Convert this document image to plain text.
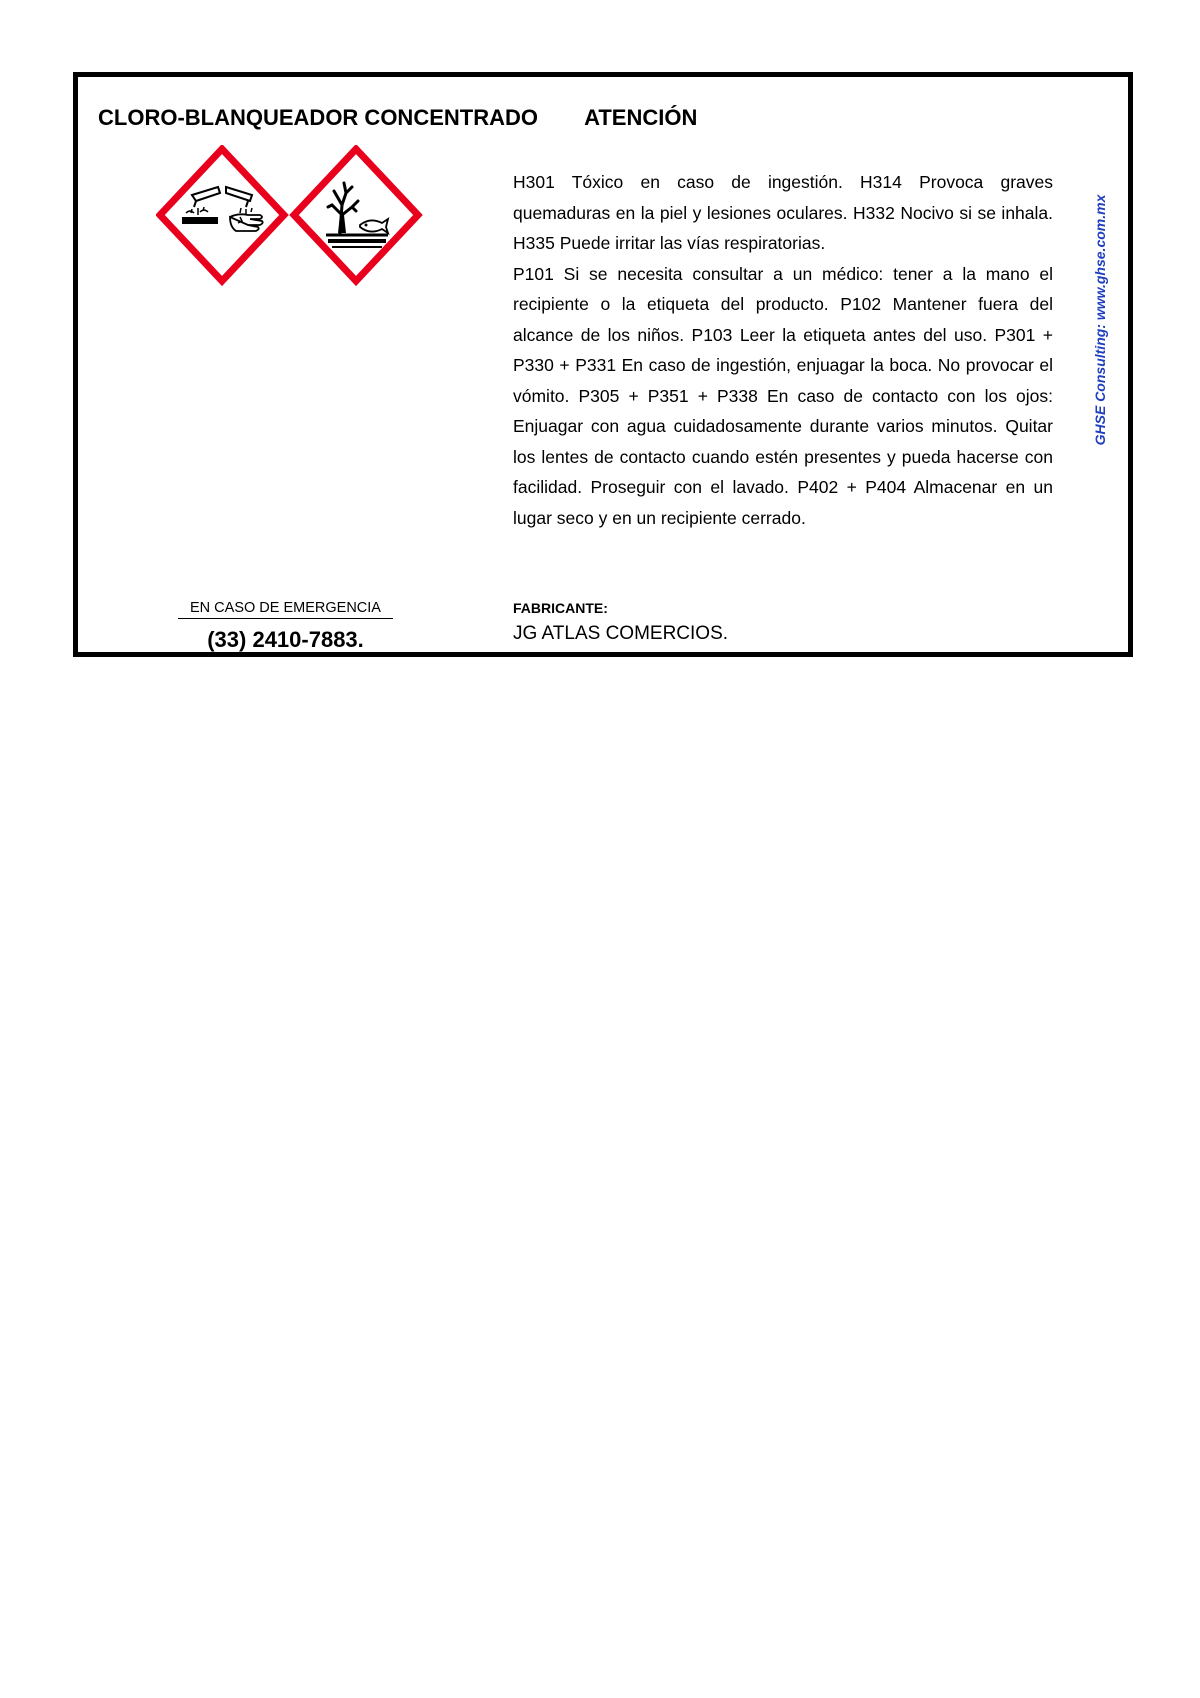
CLORO-BLANQUEADOR CONCENTRADO ATENCIÓN

H301 Tóxico en caso de ingestión. H314 Provoca graves quemaduras en la piel y lesiones oculares. H332 Nocivo si se inhala. H335 Puede irritar las vías respiratorias.

P101 Si se necesita consultar a un médico: tener a la mano el recipiente o la etiqueta del producto. P102 Mantener fuera del alcance de los niños. P103 Leer la etiqueta antes del uso. P301 + P330 + P331 En caso de ingestión, enjuagar la boca. No provocar el vómito. P305 + P351 + P338 En caso de contacto con los ojos: Enjuagar con agua cuidadosamente durante varios minutos. Quitar los lentes de contacto cuando estén presentes y pueda hacerse con facilidad. Proseguir con el lavado. P402 + P404 Almacenar en un lugar seco y en un recipiente cerrado.

EN CASO DE EMERGENCIA
(33) 2410-7883.
FABRICANTE:
JG ATLAS COMERCIOS.
GHSE Consulting: www.ghse.com.mx
